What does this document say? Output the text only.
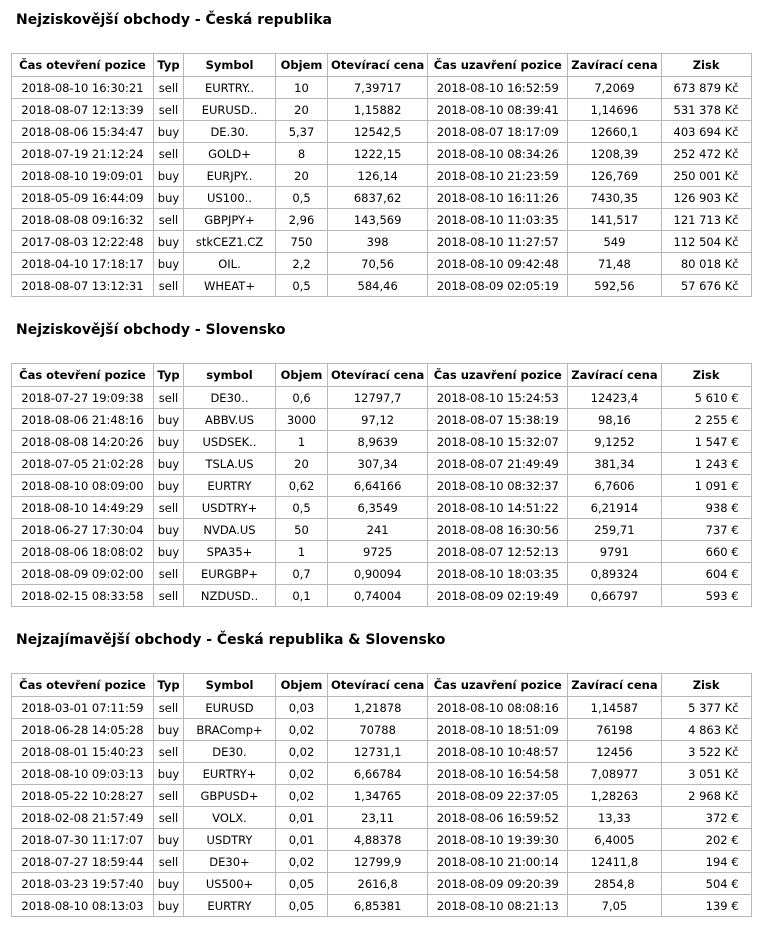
Nejziskovější obchody - Česká republika
Čas otevření pozice	Typ	Symbol	Objem	Otevírací cena	Čas uzavření pozice	Zavírací cena	Zisk
2018-08-10 16:30:21	sell	EURTRY..	10	7,39717	2018-08-10 16:52:59	7,2069	673 879 Kč
2018-08-07 12:13:39	sell	EURUSD..	20	1,15882	2018-08-10 08:39:41	1,14696	531 378 Kč
2018-08-06 15:34:47	buy	DE.30.	5,37	12542,5	2018-08-07 18:17:09	12660,1	403 694 Kč
2018-07-19 21:12:24	sell	GOLD+	8	1222,15	2018-08-10 08:34:26	1208,39	252 472 Kč
2018-08-10 19:09:01	buy	EURJPY..	20	126,14	2018-08-10 21:23:59	126,769	250 001 Kč
2018-05-09 16:44:09	buy	US100..	0,5	6837,62	2018-08-10 16:11:26	7430,35	126 903 Kč
2018-08-08 09:16:32	sell	GBPJPY+	2,96	143,569	2018-08-10 11:03:35	141,517	121 713 Kč
2017-08-03 12:22:48	buy	stkCEZ1.CZ	750	398	2018-08-10 11:27:57	549	112 504 Kč
2018-04-10 17:18:17	buy	OIL.	2,2	70,56	2018-08-10 09:42:48	71,48	80 018 Kč
2018-08-07 13:12:31	sell	WHEAT+	0,5	584,46	2018-08-09 02:05:19	592,56	57 676 Kč
Nejziskovější obchody - Slovensko
Čas otevření pozice	Typ	symbol	Objem	Otevírací cena	Čas uzavření pozice	Zavírací cena	Zisk
2018-07-27 19:09:38	sell	DE30..	0,6	12797,7	2018-08-10 15:24:53	12423,4	5 610 €
2018-08-06 21:48:16	buy	ABBV.US	3000	97,12	2018-08-07 15:38:19	98,16	2 255 €
2018-08-08 14:20:26	buy	USDSEK..	1	8,9639	2018-08-10 15:32:07	9,1252	1 547 €
2018-07-05 21:02:28	buy	TSLA.US	20	307,34	2018-08-07 21:49:49	381,34	1 243 €
2018-08-10 08:09:00	buy	EURTRY	0,62	6,64166	2018-08-10 08:32:37	6,7606	1 091 €
2018-08-10 14:49:29	sell	USDTRY+	0,5	6,3549	2018-08-10 14:51:22	6,21914	938 €
2018-06-27 17:30:04	buy	NVDA.US	50	241	2018-08-08 16:30:56	259,71	737 €
2018-08-06 18:08:02	buy	SPA35+	1	9725	2018-08-07 12:52:13	9791	660 €
2018-08-09 09:02:00	sell	EURGBP+	0,7	0,90094	2018-08-10 18:03:35	0,89324	604 €
2018-02-15 08:33:58	sell	NZDUSD..	0,1	0,74004	2018-08-09 02:19:49	0,66797	593 €
Nejzajímavější obchody - Česká republika & Slovensko
Čas otevření pozice	Typ	Symbol	Objem	Otevírací cena	Čas uzavření pozice	Zavírací cena	Zisk
2018-03-01 07:11:59	sell	EURUSD	0,03	1,21878	2018-08-10 08:08:16	1,14587	5 377 Kč
2018-06-28 14:05:28	buy	BRAComp+	0,02	70788	2018-08-10 18:51:09	76198	4 863 Kč
2018-08-01 15:40:23	sell	DE30.	0,02	12731,1	2018-08-10 10:48:57	12456	3 522 Kč
2018-08-10 09:03:13	buy	EURTRY+	0,02	6,66784	2018-08-10 16:54:58	7,08977	3 051 Kč
2018-05-22 10:28:27	sell	GBPUSD+	0,02	1,34765	2018-08-09 22:37:05	1,28263	2 968 Kč
2018-02-08 21:57:49	sell	VOLX.	0,01	23,11	2018-08-06 16:59:52	13,33	372 €
2018-07-30 11:17:07	buy	USDTRY	0,01	4,88378	2018-08-10 19:39:30	6,4005	202 €
2018-07-27 18:59:44	sell	DE30+	0,02	12799,9	2018-08-10 21:00:14	12411,8	194 €
2018-03-23 19:57:40	buy	US500+	0,05	2616,8	2018-08-09 09:20:39	2854,8	504 €
2018-08-10 08:13:03	buy	EURTRY	0,05	6,85381	2018-08-10 08:21:13	7,05	139 €
